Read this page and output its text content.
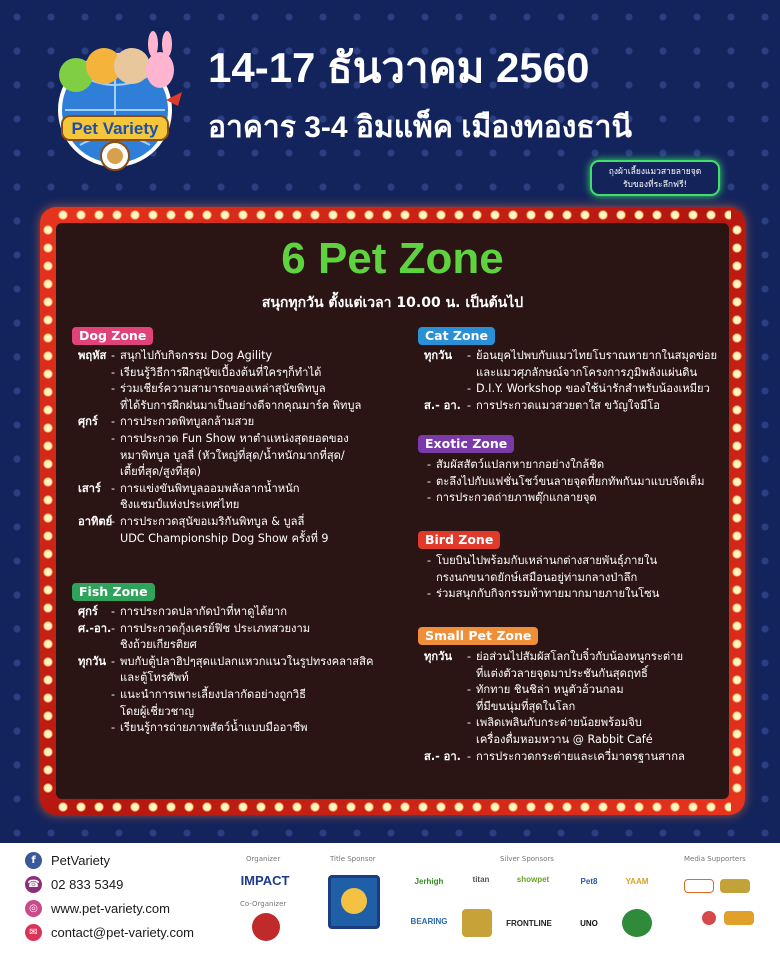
Pet Variety
14-17 ธันวาคม 2560
อาคาร 3-4 อิมแพ็ค เมืองทองธานี
ถุงผ้าเลี้ยงแมวสายลายจุด
รับของที่ระลึกฟรี!
6 Pet Zone
สนุกทุกวัน ตั้งแต่เวลา 10.00 น. เป็นต้นไป
Dog Zone
Fish Zone
Cat Zone
Exotic Zone
Bird Zone
Small Pet Zone
พฤหัส	- สนุกไปกับกิจกรรม Dog Agility
- เรียนรู้วิธีการฝึกสุนัขเบื้องต้นที่ใครๆก็ทำได้
- ร่วมเชียร์ความสามารถของเหล่าสุนัขพิทบูล
ที่ได้รับการฝึกฝนมาเป็นอย่างดีจากคุณมาร์ค พิทบูล
ศุกร์	- การประกวดพิทบูลกล้ามสวย
- การประกวด Fun Show หาตำแหน่งสุดยอดของ
หมาพิทบูล บูลลี่ (หัวใหญ่ที่สุด/น้ำหนักมากที่สุด/
เตี้ยที่สุด/สูงที่สุด)
เสาร์	- การแข่งขันพิทบูลออมพลังลากน้ำหนัก
ชิงแชมป์แห่งประเทศไทย
อาทิตย์ - การประกวดสุนัขอเมริกันพิทบูล & บูลลี่
UDC Championship Dog Show ครั้งที่ 9
ศุกร์	- การประกวดปลากัดป่าที่หาดูได้ยาก
ศ.-อา. - การประกวดกุ้งเครย์ฟิช ประเภทสวยงาม
ชิงถ้วยเกียรติยศ
ทุกวัน	- พบกับตู้ปลาฮิปๆสุดแปลกแหวกแนวในรูปทรงคลาสสิค
และตู้โทรศัพท์
- แนะนำการเพาะเลี้ยงปลากัดอย่างถูกวิธี
โดยผู้เชี่ยวชาญ
- เรียนรู้การถ่ายภาพสัตว์น้ำแบบมืออาชีพ
ทุกวัน	- ย้อนยุคไปพบกับแมวไทยโบราณหายากในสมุดข่อย
และแมวศุภลักษณ์จากโครงการภูมิพลังแผ่นดิน
- D.I.Y. Workshop ของใช้น่ารักสำหรับน้องเหมียว
ส.- อา.	- การประกวดแมวสวยตาใส ขวัญใจมีโอ
- สัมผัสสัตว์แปลกหายากอย่างใกล้ชิด
- ตะลึงไปกับแฟชั่นโชว์ขนลายจุดที่ยกทัพกันมาแบบจัดเต็ม
- การประกวดถ่ายภาพตุ๊กแกลายจุด
- โบยบินไปพร้อมกับเหล่านกต่างสายพันธุ์ภายใน
กรงนกขนาดยักษ์เสมือนอยู่ท่ามกลางป่าลึก
- ร่วมสนุกกับกิจกรรมท้าทายมากมายภายในโซน
ทุกวัน	- ย่อส่วนไปสัมผัสโลกใบจิ๋วกับน้องหนูกระต่าย
ที่แต่งตัวลายจุดมาประชันกันสุดฤทธิ์
- ทักทาย ชินชิล่า หนูตัวอ้วนกลม
ที่มีขนนุ่มที่สุดในโลก
- เพลิดเพลินกับกระต่ายน้อยพร้อมจิบ
เครื่องดื่มหอมหวาน @ Rabbit Café
ส.- อา.	- การประกวดกระต่ายและเควี่มาตรฐานสากล
f	PetVariety
☎ 02 833 5349
◎	www.pet-variety.com
✉	contact@pet-variety.com
Organizer
IMPACT
Co-Organizer
Title Sponsor	Silver Sponsors
Jerhigh	titan	showpet	Pet8	YAAM
BEARING	FRONTLINE	UNO
Media Supporters
